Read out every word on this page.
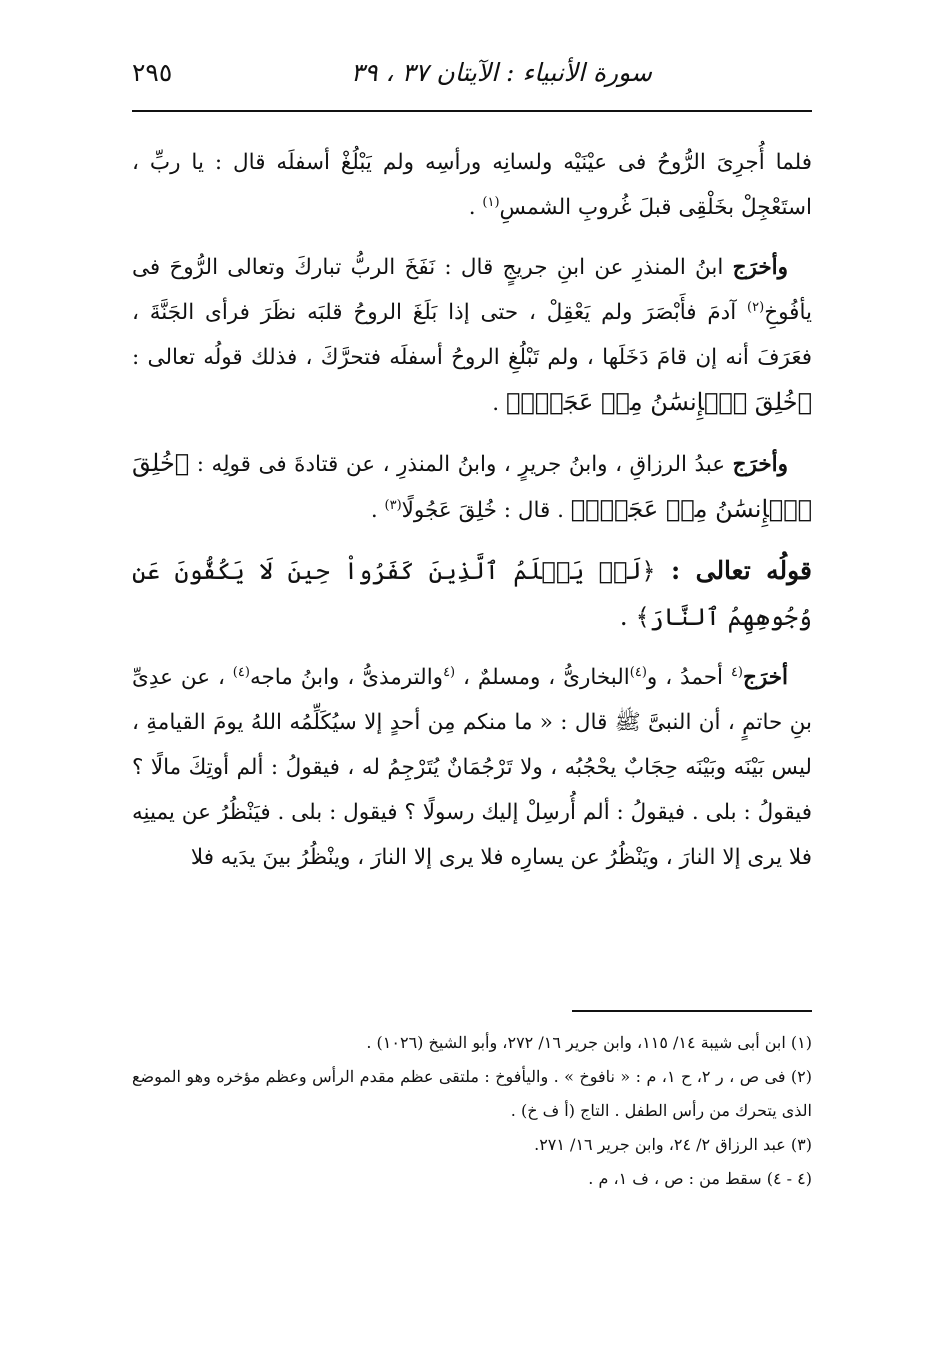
٢٩٥	سورة الأنبياء : الآيتان ٣٧ ، ٣٩

فلما أُجرِىَ الرُّوحُ فى عيْنَيْه ولسانِه ورأسِه ولم يَبْلُغْ أسفلَه قال : يا ربِّ ، استَعْجِلْ بخَلْقِى قبلَ غُروبِ الشمسِ$^{(١)}$ .

وأخرَج ابنُ المنذرِ عن ابنِ جريجٍ قال : نَفَخَ الربُّ تباركَ وتعالى الرُّوحَ فى يأفُوخِ$^{(٢)}$ آدمَ فأَبْصَرَ ولم يَعْقِلْ ، حتى إذا بَلَغَ الروحُ قلبَه نظَرَ فرأى الجَنَّةَ ، فعَرَفَ أنه إن قامَ دَخَلَها ، ولم تَبْلُغِ الروحُ أسفلَه فتحرَّكَ ، فذلك قولُه تعالى : ﴿خُلِقَ ٱلۡإِنسَٰنُ مِنۡ عَجَلٖۚ﴾ .

وأخرَج عبدُ الرزاقِ ، وابنُ جريرٍ ، وابنُ المنذرِ ، عن قتادةَ فى قولِه : ﴿خُلِقَ ٱلۡإِنسَٰنُ مِنۡ عَجَلٖۚ﴾ . قال : خُلِقَ عَجُولًا$^{(٣)}$ .

قولُه تعالى : ﴿لَوۡ يَعۡلَمُ ٱلَّذِينَ كَفَرُواْ حِينَ لَا يَكُفُّونَ عَن وُجُوهِهِمُ ٱلنَّارَ﴾ .

أخرَج$^{(٤}$ أحمدُ ، و$^{(٤)}$البخارىُّ ، ومسلمٌ ، $^{(٤}$والترمذىُّ ، وابنُ ماجه$^{(٤)}$ ، عن عدِىِّ بنِ حاتمٍ ، أن النبىَّ ﷺ قال : « ما منكم مِن أحدٍ إلا سيُكَلِّمُه اللهُ يومَ القيامةِ ، ليس بَيْنَه وبَيْنَه حِجَابٌ يحْجُبُه ، ولا تَرْجُمَانٌ يُتَرْجِمُ له ، فيقولُ : ألم أوتِكَ مالًا ؟ فيقولُ : بلى . فيقولُ : ألم أُرسِلْ إليك رسولًا ؟ فيقول : بلى . فيَنْظُرُ عن يمينِه فلا يرى إلا النارَ ، ويَنْظُرُ عن يسارِه فلا يرى إلا النارَ ، وينْظُرُ بينَ يدَيه فلا

(١) ابن أبى شيبة ١٤/ ١١٥، وابن جرير ١٦/ ٢٧٢، وأبو الشيخ (١٠٢٦) .

(٢) فى ص ، ر ٢، ح ١، م : « نافوخ » . واليأفوخ : ملتقى عظم مقدم الرأس وعظم مؤخره وهو الموضع الذى يتحرك من رأس الطفل . التاج (أ ف خ) .

(٣) عبد الرزاق ٢/ ٢٤، وابن جرير ١٦/ ٢٧١.

(٤ - ٤) سقط من : ص ، ف ١، م .
